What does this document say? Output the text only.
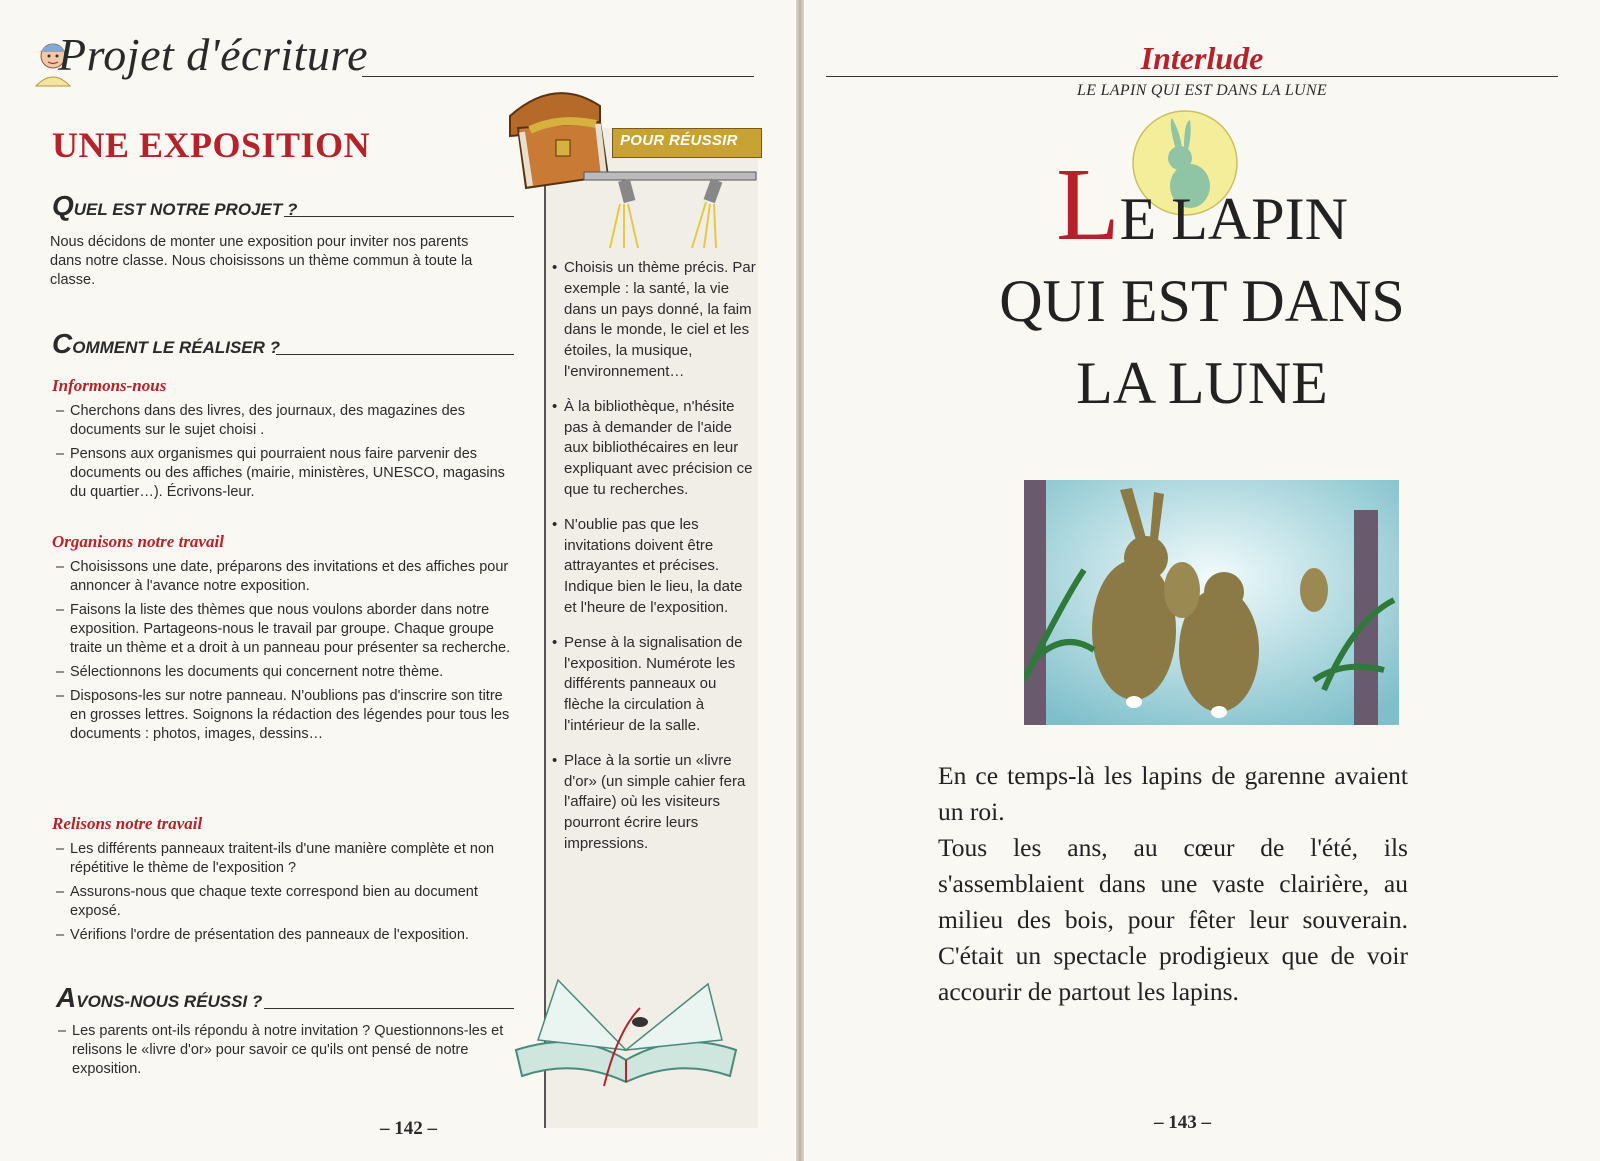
Projet d'écriture
UNE EXPOSITION
QUEL EST NOTRE PROJET ?
Nous décidons de monter une exposition pour inviter nos parents dans notre classe. Nous choisissons un thème commun à toute la classe.
COMMENT LE RÉALISER ?
Informons-nous
– Cherchons dans des livres, des journaux, des magazines des documents sur le sujet choisi .
– Pensons aux organismes qui pourraient nous faire parvenir des documents ou des affiches (mairie, ministères, UNESCO, magasins du quartier…). Écrivons-leur.
Organisons notre travail
– Choisissons une date, préparons des invitations et des affiches pour annoncer à l'avance notre exposition.
– Faisons la liste des thèmes que nous voulons aborder dans notre exposition. Partageons-nous le travail par groupe. Chaque groupe traite un thème et a droit à un panneau pour présenter sa recherche.
– Sélectionnons les documents qui concernent notre thème.
– Disposons-les sur notre panneau. N'oublions pas d'inscrire son titre en grosses lettres. Soignons la rédaction des légendes pour tous les documents : photos, images, dessins…
Relisons notre travail
– Les différents panneaux traitent-ils d'une manière complète et non répétitive le thème de l'exposition ?
– Assurons-nous que chaque texte correspond bien au document exposé.
– Vérifions l'ordre de présentation des panneaux de l'exposition.
AVONS-NOUS RÉUSSI ?
– Les parents ont-ils répondu à notre invitation ? Questionnons-les et relisons le «livre d'or» pour savoir ce qu'ils ont pensé de notre exposition.
POUR RÉUSSIR
• Choisis un thème précis. Par exemple : la santé, la vie dans un pays donné, la faim dans le monde, le ciel et les étoiles, la musique, l'environnement…
• À la bibliothèque, n'hésite pas à demander de l'aide aux bibliothécaires en leur expliquant avec précision ce que tu recherches.
• N'oublie pas que les invitations doivent être attrayantes et précises. Indique bien le lieu, la date et l'heure de l'exposition.
• Pense à la signalisation de l'exposition. Numérote les différents panneaux ou flèche la circulation à l'intérieur de la salle.
• Place à la sortie un «livre d'or» (un simple cahier fera l'affaire) où les visiteurs pourront écrire leurs impressions.
– 142 –
Interlude
LE LAPIN QUI EST DANS LA LUNE
LE LAPIN
QUI EST DANS
LA LUNE

En ce temps-là les lapins de garenne avaient un roi.

Tous les ans, au cœur de l'été, ils s'assemblaient dans une vaste clairière, au milieu des bois, pour fêter leur souverain. C'était un spectacle prodigieux que de voir accourir de partout les lapins.

– 143 –
